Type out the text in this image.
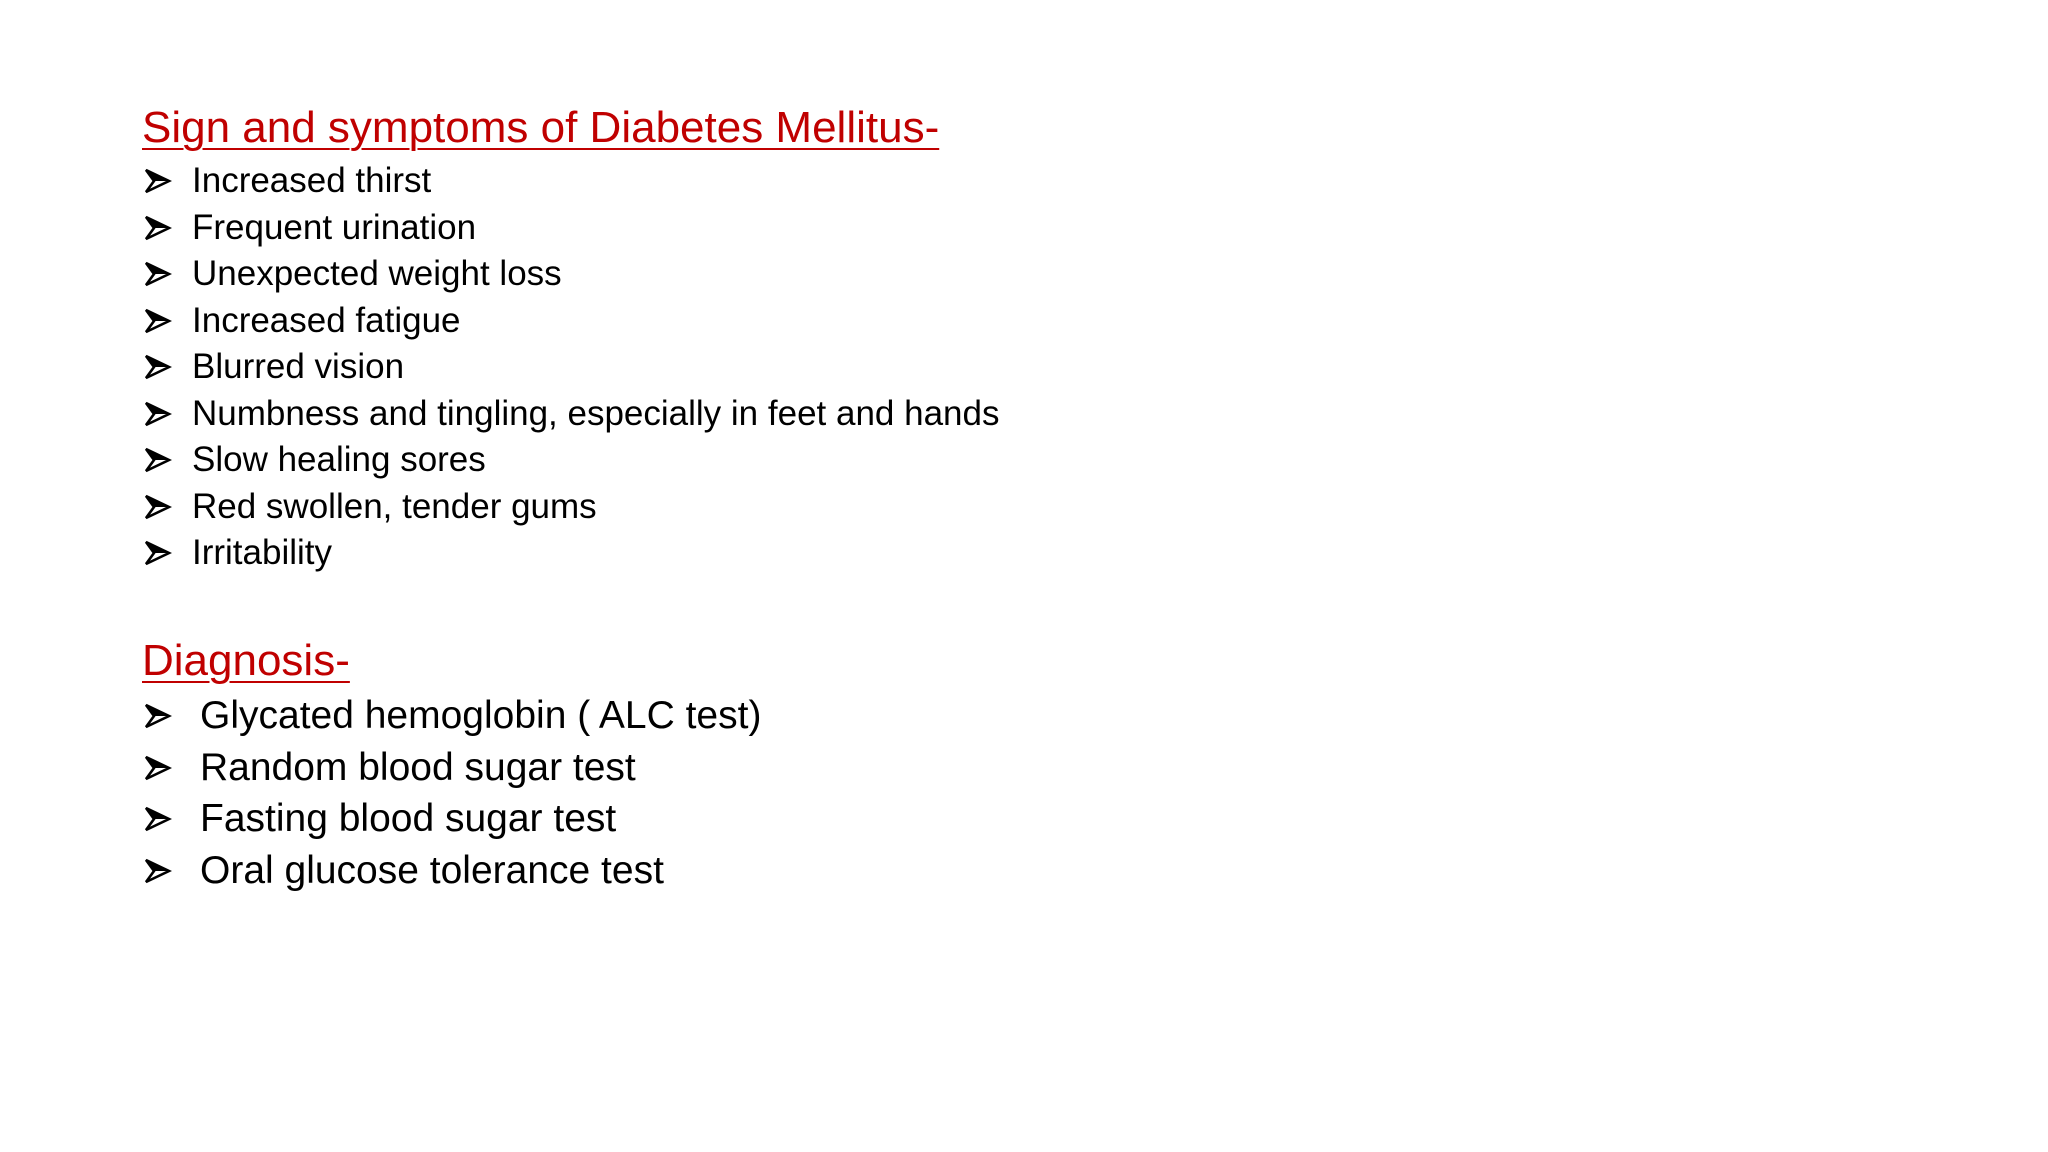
Sign and symptoms of Diabetes Mellitus-
Increased thirst
Frequent urination
Unexpected weight loss
Increased fatigue
Blurred vision
Numbness and tingling, especially in feet and hands
Slow healing sores
Red swollen, tender gums
Irritability
Diagnosis-
Glycated hemoglobin ( ALC test)
Random blood sugar test
Fasting blood sugar test
Oral glucose tolerance test
